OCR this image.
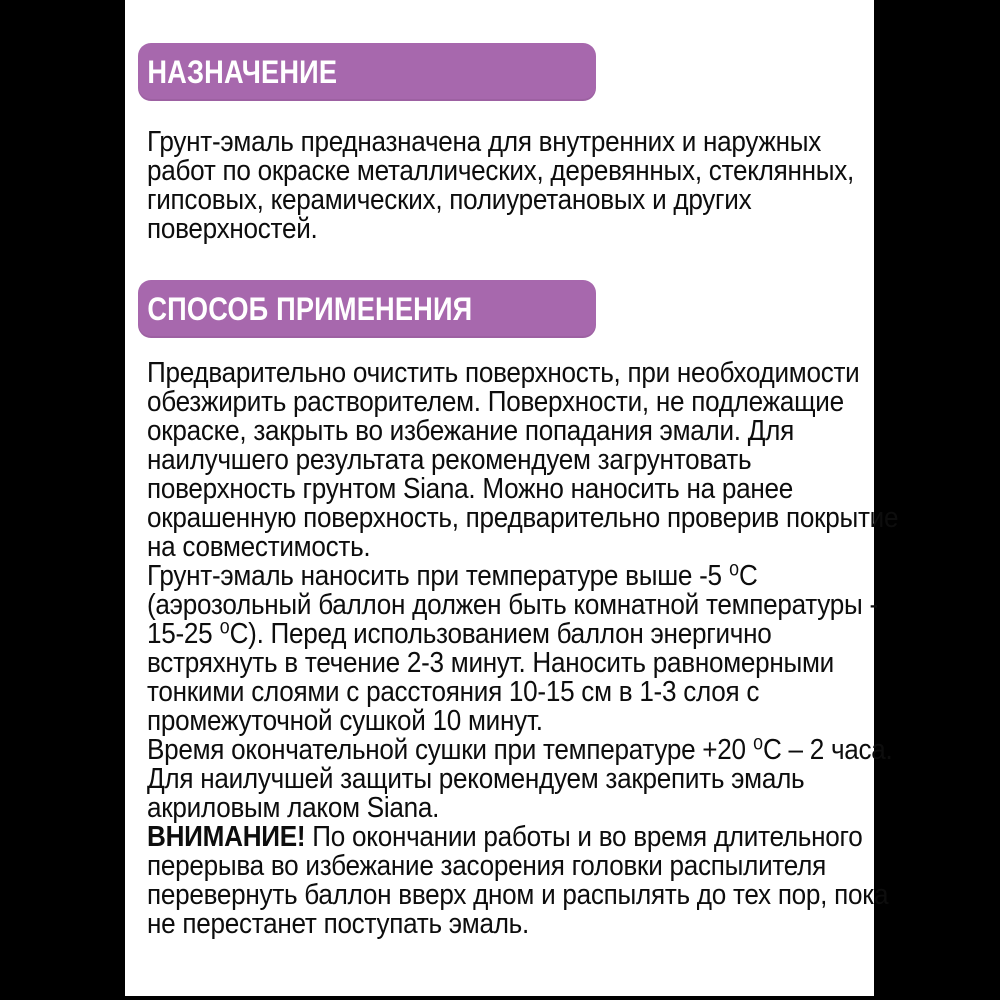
НАЗНАЧЕНИЕ
Грунт-эмаль предназначена для внутренних и наружных
работ по окраске металлических, деревянных, стеклянных,
гипсовых, керамических, полиуретановых и других
поверхностей.
СПОСОБ ПРИМЕНЕНИЯ
Предварительно очистить поверхность, при необходимости
обезжирить растворителем. Поверхности, не подлежащие
окраске, закрыть во избежание попадания эмали. Для
наилучшего результата рекомендуем загрунтовать
поверхность грунтом Siana. Можно наносить на ранее
окрашенную поверхность, предварительно проверив покрытие
на совместимость.
Грунт-эмаль наносить при температуре выше -5 ⁰С
(аэрозольный баллон должен быть комнатной температуры -
15-25 ⁰С). Перед использованием баллон энергично
встряхнуть в течение 2-3 минут. Наносить равномерными
тонкими слоями с расстояния 10-15 см в 1-3 слоя с
промежуточной сушкой 10 минут.
Время окончательной сушки при температуре +20 ⁰С – 2 часа.
Для наилучшей защиты рекомендуем закрепить эмаль
акриловым лаком Siana.
ВНИМАНИЕ! По окончании работы и во время длительного
перерыва во избежание засорения головки распылителя
перевернуть баллон вверх дном и распылять до тех пор, пока
не перестанет поступать эмаль.
